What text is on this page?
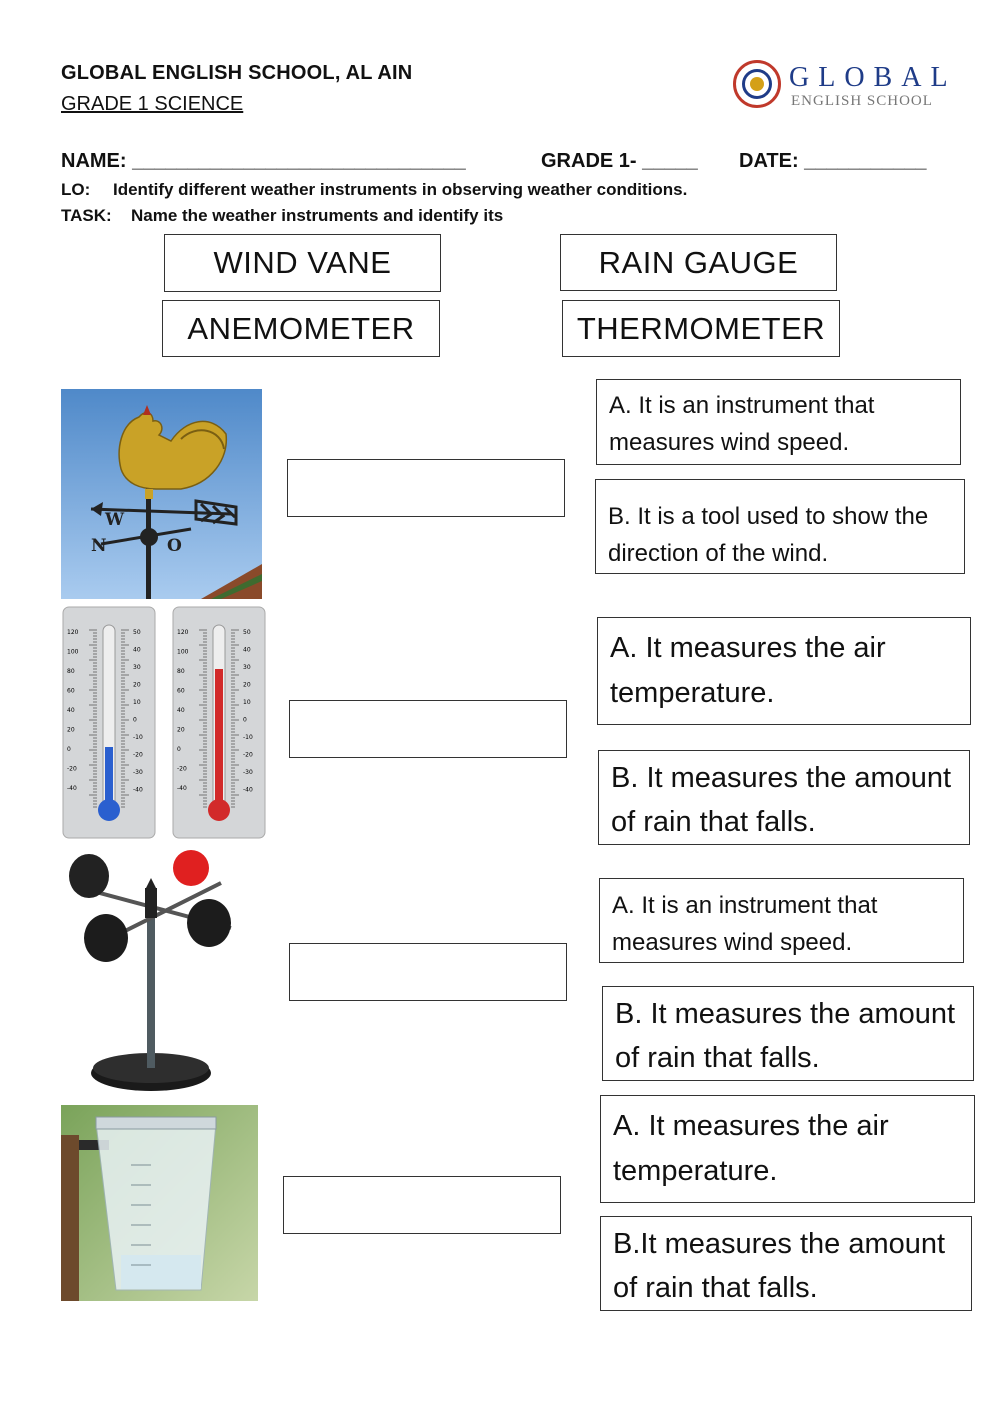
GLOBAL ENGLISH SCHOOL, AL AIN
GRADE 1 SCIENCE
GLOBAL
ENGLISH SCHOOL
NAME: ______________________________	GRADE 1- _____ DATE: ___________
LO: Identify different weather instruments in observing weather conditions.
TASK: Name the weather instruments and identify its
WIND VANE	RAIN GAUGE
ANEMOMETER	THERMOMETER
W
N	O
A. It is an instrument that measures wind speed.
B. It is a tool used to show the direction of the wind.
120
100
80
60
40
20
0
-20
-40
50
40
30
20
10
0
-10
-20
-30
-40
120
100
80
60
40
20
0
-20
-40
50
40
30
20
10
0
-10
-20
-30
-40
A. It measures the air temperature.
B. It measures the amount of rain that falls.
A. It is an instrument that measures wind speed.
B. It measures the amount of rain that falls.
A. It measures the air temperature.
B.It measures the amount of rain that falls.
